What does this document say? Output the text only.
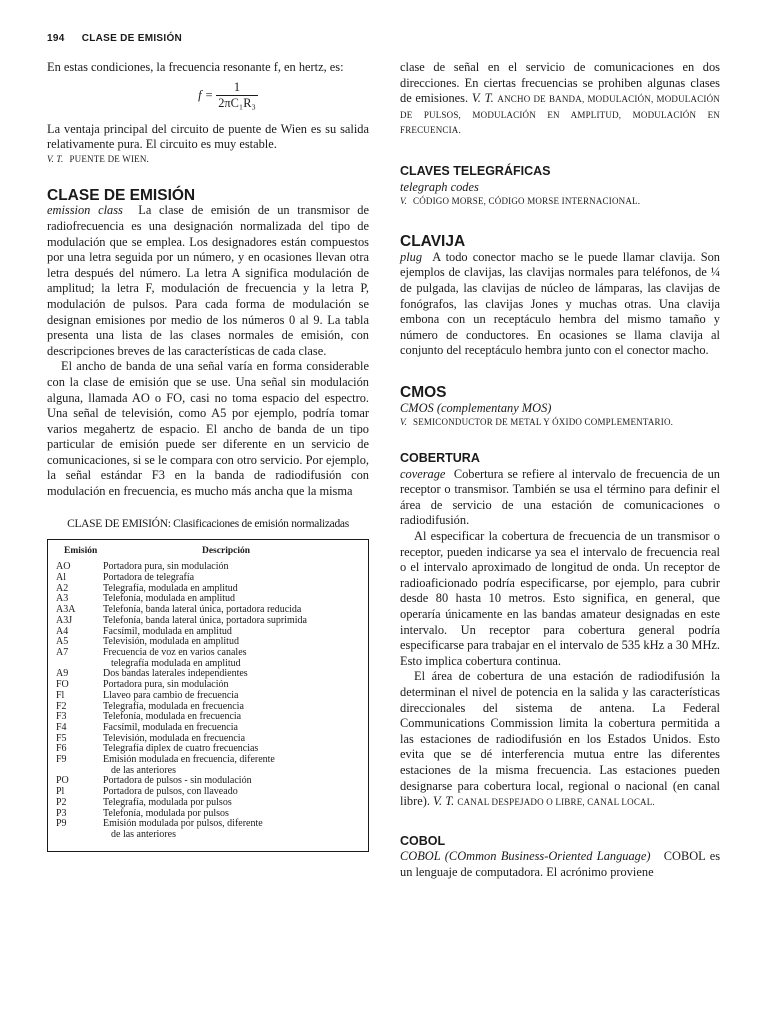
194 CLASE DE EMISIÓN

En estas condiciones, la frecuencia resonante f, en hertz, es:

$f = \frac{1}{\text{2πC₁R₃}}$

La ventaja principal del circuito de puente de Wien es su salida relativamente pura. El circuito es muy estable.

V. T. PUENTE DE WIEN.

CLASE DE EMISIÓN

emission class La clase de emisión de un transmisor de radiofrecuencia es una designación normalizada del tipo de modulación que se emplea. Los designadores están compuestos por una letra seguida por un número, y en ocasiones llevan otra letra después del número. La letra A significa modulación de amplitud; la letra F, modulación de frecuencia y la letra P, modulación de pulsos. Para cada forma de modulación se designan emisiones por medio de los números 0 al 9. La tabla presenta una lista de las clases normales de emisión, con descripciones breves de las características de cada clase.

El ancho de banda de una señal varía en forma considerable con la clase de emisión que se use. Una señal sin modulación alguna, llamada AO o FO, casi no toma espacio del espectro. Una señal de televisión, como A5 por ejemplo, podría tomar varios megahertz de espacio. El ancho de banda de un tipo particular de emisión puede ser diferente en un servicio de comunicaciones, si se le compara con otro servicio. Por ejemplo, la señal estándar F3 en la banda de radiodifusión con modulación en frecuencia, es mucho más ancha que la misma

CLASE DE EMISIÓN: Clasificaciones de emisión normalizadas
Emisión	Descripción
AO	Portadora pura, sin modulación
Al	Portadora de telegrafía
A2	Telegrafía, modulada en amplitud
A3	Telefonía, modulada en amplitud
A3A	Telefonía, banda lateral única, portadora reducida
A3J	Telefonía, banda lateral única, portadora suprimida
A4	Facsímil, modulada en amplitud
A5	Televisión, modulada en amplitud
A7	Frecuencia de voz en varios canales
telegrafía modulada en amplitud
A9	Dos bandas laterales independientes
FO	Portadora pura, sin modulación
Fl	Llaveo para cambio de frecuencia
F2	Telegrafía, modulada en frecuencia
F3	Telefonía, modulada en frecuencia
F4	Facsímil, modulada en frecuencia
F5	Televisión, modulada en frecuencia
F6	Telegrafía diplex de cuatro frecuencias
F9	Emisión modulada en frecuencia, diferente
de las anteriores
PO	Portadora de pulsos - sin modulación
Pl	Portadora de pulsos, con llaveado
P2	Telegrafía, modulada por pulsos
P3	Telefonía, modulada por pulsos
P9	Emisión modulada por pulsos, diferente
de las anteriores

clase de señal en el servicio de comunicaciones en dos direcciones. En ciertas frecuencias se prohiben algunas clases de emisiones. V. T. ANCHO DE BANDA, MODULACIÓN, MODULACIÓN DE PULSOS, MODULACIÓN EN AMPLITUD, MODULACIÓN EN FRECUENCIA.

CLAVES TELEGRÁFICAS

telegraph codes

V. CÓDIGO MORSE, CÓDIGO MORSE INTERNACIONAL.

CLAVIJA

plug A todo conector macho se le puede llamar clavija. Son ejemplos de clavijas, las clavijas normales para teléfonos, de ¼ de pulgada, las clavijas de núcleo de lámparas, las clavijas de fonógrafos, las clavijas Jones y muchas otras. Una clavija embona con un receptáculo hembra del mismo tamaño y número de conductores. En ocasiones se llama clavija al conjunto del receptáculo hembra junto con el conector macho.

CMOS

CMOS (complementany MOS)

V. SEMICONDUCTOR DE METAL Y ÓXIDO COMPLEMENTARIO.

COBERTURA

coverage Cobertura se refiere al intervalo de frecuencia de un receptor o transmisor. También se usa el término para definir el área de servicio de una estación de comunicaciones o radiodifusión.

Al especificar la cobertura de frecuencia de un transmisor o receptor, pueden indicarse ya sea el intervalo de frecuencia real o el intervalo aproximado de longitud de onda. Un receptor de radioaficionado podría especificarse, por ejemplo, para cubrir desde 80 hasta 10 metros. Esto significa, en general, que operaría únicamente en las bandas amateur designadas en este intervalo. Un receptor para cobertura general podría especificarse para trabajar en el intervalo de 535 kHz a 30 MHz. Esto implica cobertura continua.

El área de cobertura de una estación de radiodifusión la determinan el nivel de potencia en la salida y las características direccionales del sistema de antena. La Federal Communications Commission limita la cobertura permitida a las estaciones de radiodifusión en los Estados Unidos. Esto evita que se dé interferencia mutua entre las diferentes estaciones de la misma frecuencia. Las estaciones pueden designarse para cobertura local, regional o nacional (en canal libre). V. T. CANAL DESPEJADO O LIBRE, CANAL LOCAL.

COBOL

COBOL (COmmon Business-Oriented Language) COBOL es un lenguaje de computadora. El acrónimo proviene
